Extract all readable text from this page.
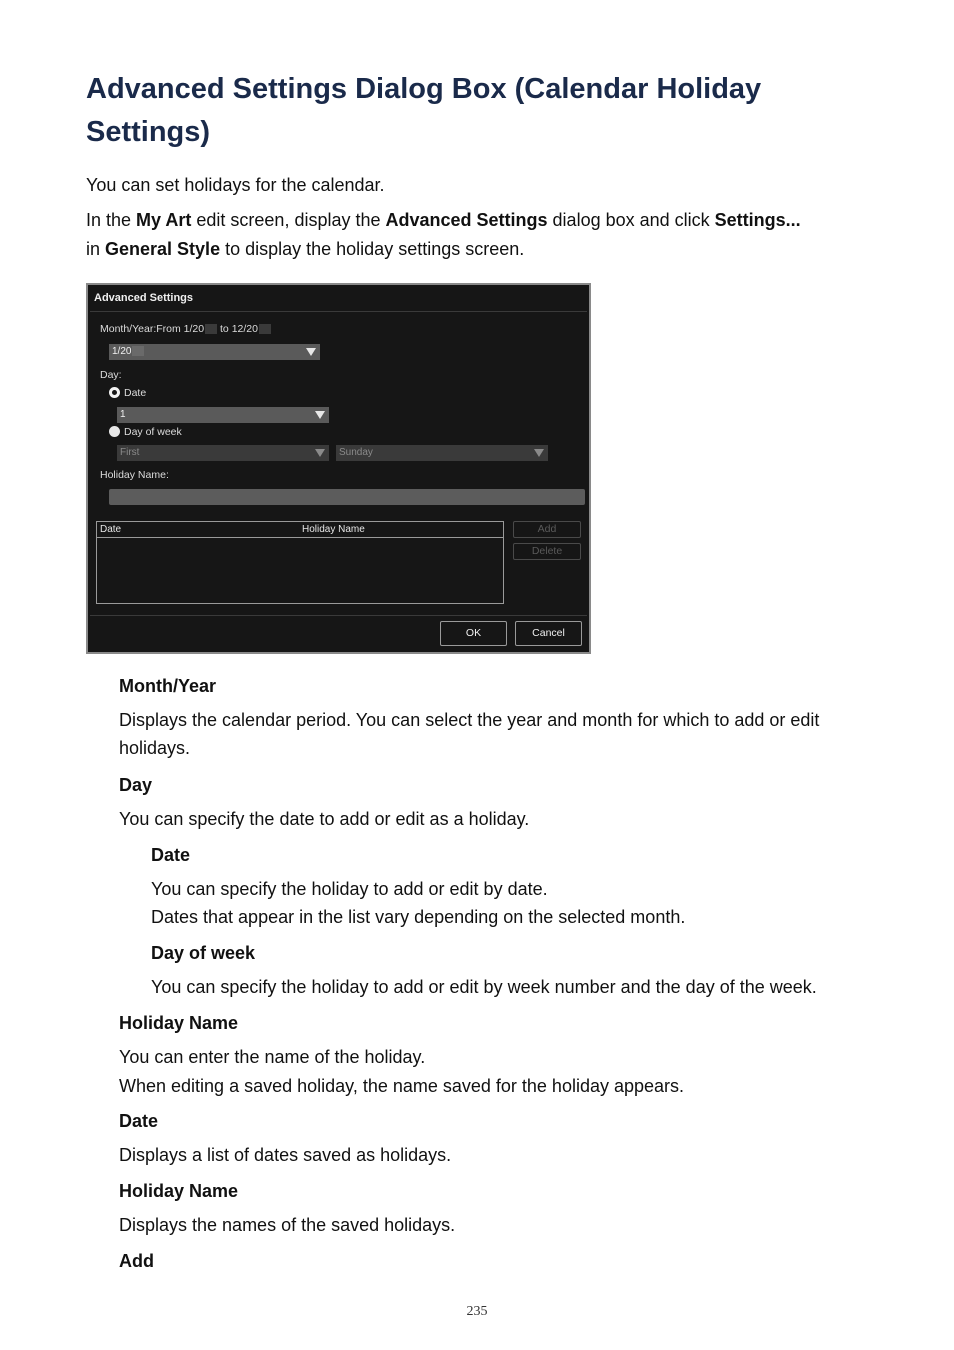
Advanced Settings Dialog Box (Calendar Holiday Settings)

You can set holidays for the calendar.

In the My Art edit screen, display the Advanced Settings dialog box and click Settings...
in General Style to display the holiday settings screen.

Advanced Settings
Month/Year:From 1/20 to 12/20
1/20
Day:
Date
1
Day of week
First	Sunday
Holiday Name:
Date	Holiday Name	Add
Delete
OK	Cancel
Month/Year
Displays the calendar period. You can select the year and month for which to add or edit holidays.
Day
You can specify the date to add or edit as a holiday.
Date
You can specify the holiday to add or edit by date.
Dates that appear in the list vary depending on the selected month.
Day of week
You can specify the holiday to add or edit by week number and the day of the week.
Holiday Name
You can enter the name of the holiday.
When editing a saved holiday, the name saved for the holiday appears.
Date
Displays a list of dates saved as holidays.
Holiday Name
Displays the names of the saved holidays.
Add
235
